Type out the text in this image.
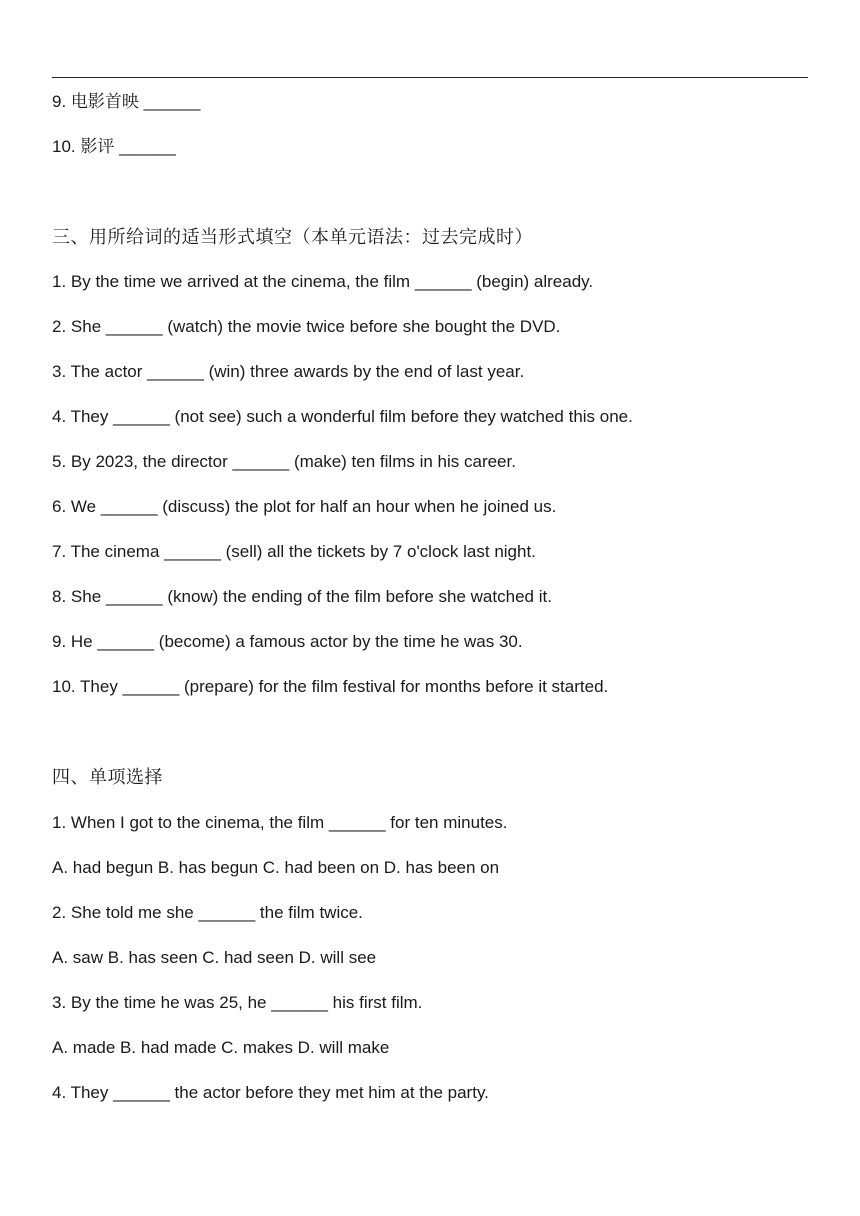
9. 电影首映 ______
10. 影评 ______
三、用所给词的适当形式填空（本单元语法：过去完成时）
1. By the time we arrived at the cinema, the film ______ (begin) already.
2. She ______ (watch) the movie twice before she bought the DVD.
3. The actor ______ (win) three awards by the end of last year.
4. They ______ (not see) such a wonderful film before they watched this one.
5. By 2023, the director ______ (make) ten films in his career.
6. We ______ (discuss) the plot for half an hour when he joined us.
7. The cinema ______ (sell) all the tickets by 7 o'clock last night.
8. She ______ (know) the ending of the film before she watched it.
9. He ______ (become) a famous actor by the time he was 30.
10. They ______ (prepare) for the film festival for months before it started.
四、单项选择
1. When I got to the cinema, the film ______ for ten minutes.
A. had begun B. has begun C. had been on D. has been on
2. She told me she ______ the film twice.
A. saw B. has seen C. had seen D. will see
3. By the time he was 25, he ______ his first film.
A. made B. had made C. makes D. will make
4. They ______ the actor before they met him at the party.
